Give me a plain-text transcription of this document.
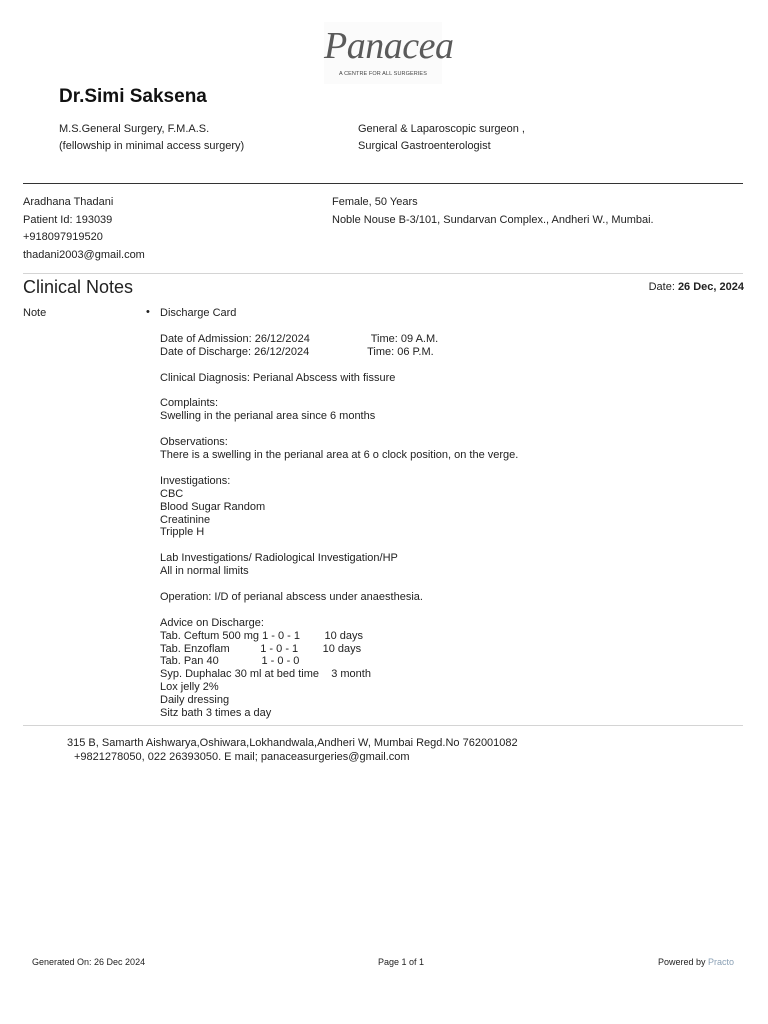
Panacea
A CENTRE FOR ALL SURGERIES
Dr.Simi Saksena
M.S.General Surgery, F.M.A.S.
(fellowship in minimal access surgery)
General & Laparoscopic surgeon ,
Surgical Gastroenterologist
Aradhana Thadani
Patient Id: 193039
+918097919520
thadani2003@gmail.com
Female, 50 Years
Noble Nouse B-3/101, Sundarvan Complex., Andheri W., Mumbai.
Clinical Notes	Date: 26 Dec, 2024
Note	• Discharge Card

Date of Admission: 26/12/2024                    Time: 09 A.M.
Date of Discharge: 26/12/2024                   Time: 06 P.M.

Clinical Diagnosis: Perianal Abscess with fissure

Complaints:
Swelling in the perianal area since 6 months

Observations:
There is a swelling in the perianal area at 6 o clock position, on the verge.

Investigations:
CBC
Blood Sugar Random
Creatinine
Tripple H

Lab Investigations/ Radiological Investigation/HP
All in normal limits

Operation: I/D of perianal abscess under anaesthesia.

Advice on Discharge:
Tab. Ceftum 500 mg 1 - 0 - 1        10 days
Tab. Enzoflam          1 - 0 - 1        10 days
Tab. Pan 40              1 - 0 - 0
Syp. Duphalac 30 ml at bed time    3 month
Lox jelly 2%
Daily dressing
Sitz bath 3 times a day
315 B, Samarth Aishwarya,Oshiwara,Lokhandwala,Andheri W, Mumbai Regd.No 762001082
+9821278050, 022 26393050. E mail; panaceasurgeries@gmail.com
Generated On: 26 Dec 2024	Page 1 of 1	Powered by Practo
